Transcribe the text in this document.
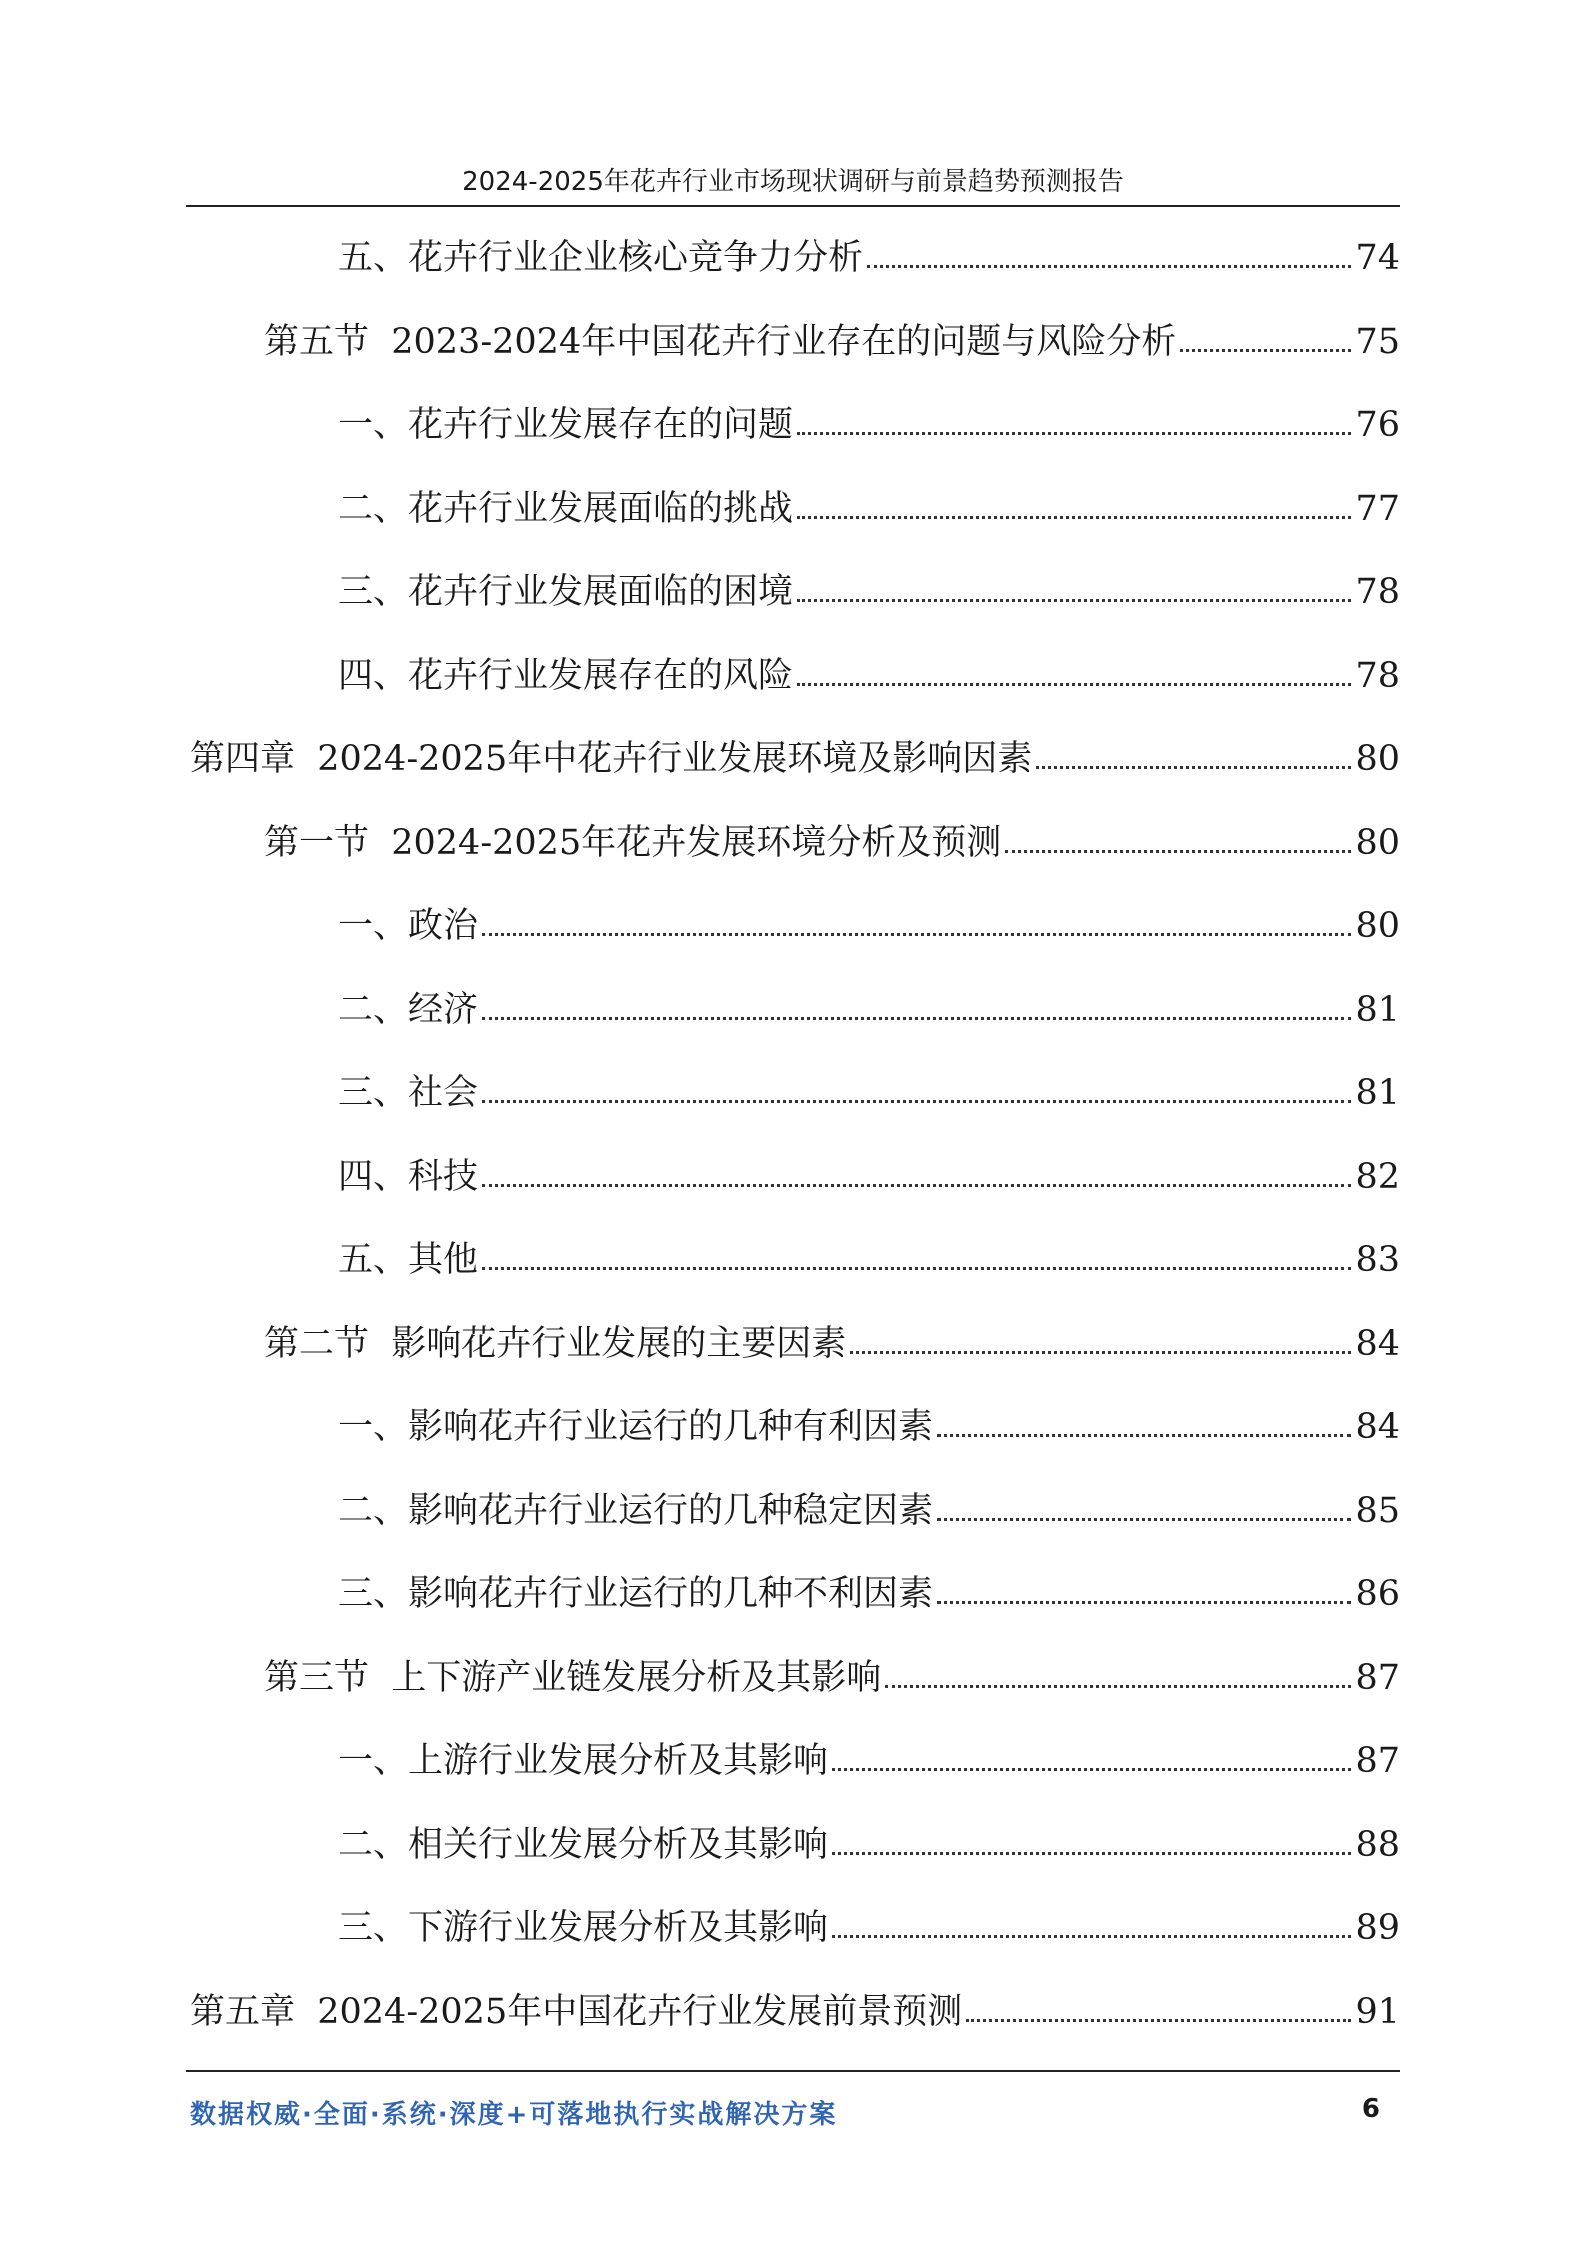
2024-2025年花卉行业市场现状调研与前景趋势预测报告
五、花卉行业企业核心竞争力分析	74
第五节  2023-2024年中国花卉行业存在的问题与风险分析	75
一、花卉行业发展存在的问题	76
二、花卉行业发展面临的挑战	77
三、花卉行业发展面临的困境	78
四、花卉行业发展存在的风险	78
第四章  2024-2025年中花卉行业发展环境及影响因素	80
第一节  2024-2025年花卉发展环境分析及预测	80
一、政治	80
二、经济	81
三、社会	81
四、科技	82
五、其他	83
第二节  影响花卉行业发展的主要因素	84
一、影响花卉行业运行的几种有利因素	84
二、影响花卉行业运行的几种稳定因素	85
三、影响花卉行业运行的几种不利因素	86
第三节  上下游产业链发展分析及其影响	87
一、上游行业发展分析及其影响	87
二、相关行业发展分析及其影响	88
三、下游行业发展分析及其影响	89
第五章  2024-2025年中国花卉行业发展前景预测	91
数据权威·全面·系统·深度+可落地执行实战解决方案	6
